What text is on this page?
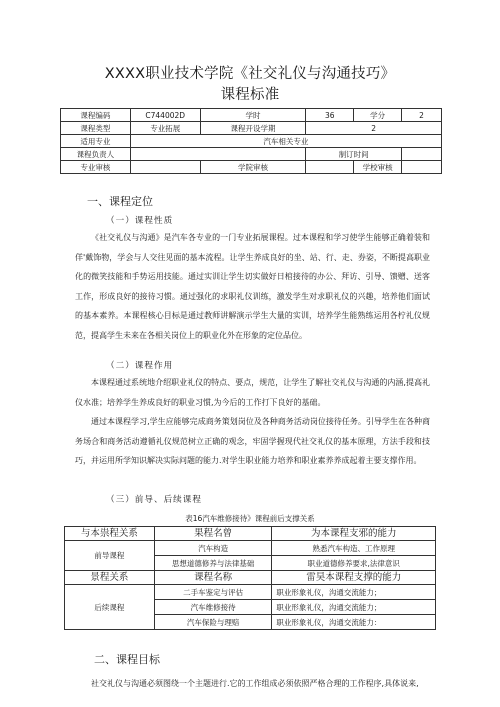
XXXX职业技术学院《社交礼仪与沟通技巧》
课程标准
课程编码	C744002D	学时	36	学分	2
课程类型	专业拓展	课程开设学期	2		
适用专业	汽车相关专业				
课程负责人			制订时间		
专业审核		学院审核		学校审核	
一、课程定位
（一）课程性质

《社交礼仪与沟通》是汽车各专业的一门专业拓展课程。过本课程和学习使学生能够正确着装和佯'戴饰物，学会与人交往见面的基本流程。让学生养成良好的坐、站、行、走、券姿，不断提高职业化的微笑技能和手势运用技能。通过实训让学生切实做好日棺接待的办公、拜访、引导、馈赠、送客工作，形成良好的接待习惯。通过强化的求职礼仪训练，激发学生对求职礼仪的兴趣，培养他们面试的基本素养。本课程核心目标是通过教师讲解演示学生大量的实训，培养学生能熟练运用各柠礼仪规范，提高学生未来在各相关岗位上的职业化外在形象的定位品位。

（二）课程作用

本课程通过系统地介绍职业礼仪的特点、要点，规范，让学生了解社交礼仪与沟通的内涵,提高礼仪水准；培养学生养成良好的职业习惯,为今后的工作打下良好的基础。

通过本课程学习,学生应能够完成商务策划岗位及各种商务活动岗位接待任务。引导学生在各种商务场合和商务活动遵循礼仪规范树立正确的观念，牢固学握现代社交礼仪的基本原理，方法手段和技巧，并运用所学知识解决实际问题的能力.对学生职业能力培养和职业素养养成起着主要支撑作用。

（三）前导、后续课程
表16汽车维修接待》课程前后支撑关系
与本祟程关系	果程名曾	为本课程支邪的能力
前导课程	汽车构造	熟悉汽车构造、工作原理
	思想道德修养与法律基础	职业道德修养要求,法律意识
景程关系	课程名称	雷昊本课程支撑的能力
后续课程	二手车鉴定与评估	职业形象礼仪，沟通交流能力；
	汽车维修接待	职业形象礼仪，沟通交流能力；
	汽车保险与理赔	职业形象礼仪，沟通交流能力：
二、课程目标
社交礼仪与沟通必须图绕一个主题进行.它的工作组成必须依照严格合理的工作程序,具体说来,
